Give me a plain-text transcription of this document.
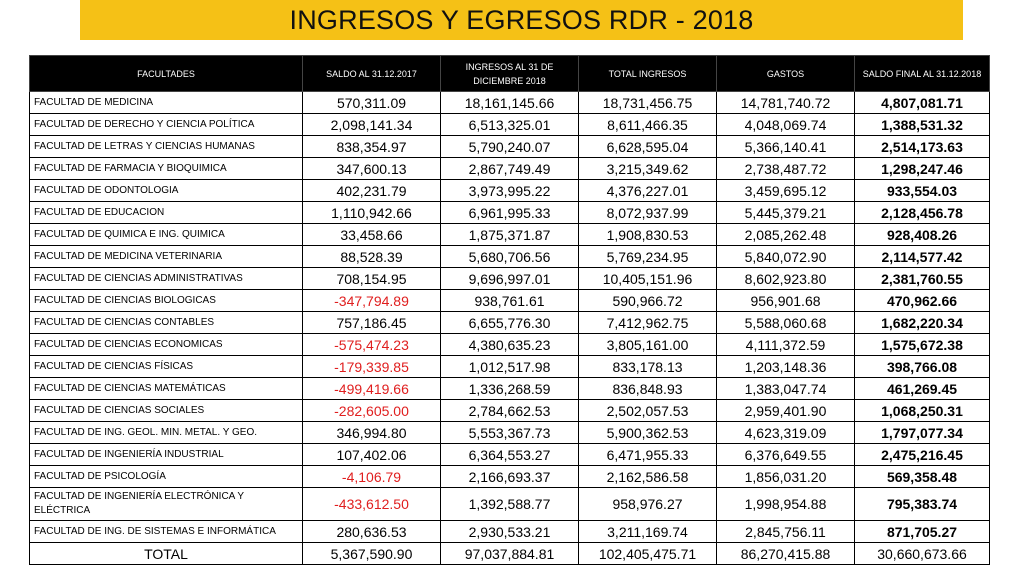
INGRESOS Y EGRESOS RDR - 2018
FACULTADES	SALDO AL 31.12.2017	INGRESOS AL 31 DE DICIEMBRE 2018	TOTAL INGRESOS	GASTOS	SALDO FINAL AL 31.12.2018
FACULTAD DE MEDICINA	570,311.09	18,161,145.66	18,731,456.75	14,781,740.72	4,807,081.71
FACULTAD DE DERECHO Y CIENCIA POLÍTICA	2,098,141.34	6,513,325.01	8,611,466.35	4,048,069.74	1,388,531.32
FACULTAD DE LETRAS Y CIENCIAS HUMANAS	838,354.97	5,790,240.07	6,628,595.04	5,366,140.41	2,514,173.63
FACULTAD DE FARMACIA Y BIOQUIMICA	347,600.13	2,867,749.49	3,215,349.62	2,738,487.72	1,298,247.46
FACULTAD DE ODONTOLOGIA	402,231.79	3,973,995.22	4,376,227.01	3,459,695.12	933,554.03
FACULTAD DE EDUCACION	1,110,942.66	6,961,995.33	8,072,937.99	5,445,379.21	2,128,456.78
FACULTAD DE QUIMICA E ING. QUIMICA	33,458.66	1,875,371.87	1,908,830.53	2,085,262.48	928,408.26
FACULTAD DE MEDICINA VETERINARIA	88,528.39	5,680,706.56	5,769,234.95	5,840,072.90	2,114,577.42
FACULTAD DE CIENCIAS ADMINISTRATIVAS	708,154.95	9,696,997.01	10,405,151.96	8,602,923.80	2,381,760.55
FACULTAD DE CIENCIAS BIOLOGICAS	-347,794.89	938,761.61	590,966.72	956,901.68	470,962.66
FACULTAD DE CIENCIAS CONTABLES	757,186.45	6,655,776.30	7,412,962.75	5,588,060.68	1,682,220.34
FACULTAD DE CIENCIAS ECONOMICAS	-575,474.23	4,380,635.23	3,805,161.00	4,111,372.59	1,575,672.38
FACULTAD DE CIENCIAS FÍSICAS	-179,339.85	1,012,517.98	833,178.13	1,203,148.36	398,766.08
FACULTAD DE CIENCIAS MATEMÁTICAS	-499,419.66	1,336,268.59	836,848.93	1,383,047.74	461,269.45
FACULTAD DE CIENCIAS SOCIALES	-282,605.00	2,784,662.53	2,502,057.53	2,959,401.90	1,068,250.31
FACULTAD DE ING. GEOL. MIN. METAL. Y GEO.	346,994.80	5,553,367.73	5,900,362.53	4,623,319.09	1,797,077.34
FACULTAD DE INGENIERÍA INDUSTRIAL	107,402.06	6,364,553.27	6,471,955.33	6,376,649.55	2,475,216.45
FACULTAD DE PSICOLOGÍA	-4,106.79	2,166,693.37	2,162,586.58	1,856,031.20	569,358.48
FACULTAD DE INGENIERÍA ELECTRÓNICA Y ELÉCTRICA	-433,612.50	1,392,588.77	958,976.27	1,998,954.88	795,383.74
FACULTAD DE ING. DE SISTEMAS E INFORMÁTICA	280,636.53	2,930,533.21	3,211,169.74	2,845,756.11	871,705.27
TOTAL	5,367,590.90	97,037,884.81	102,405,475.71	86,270,415.88	30,660,673.66
